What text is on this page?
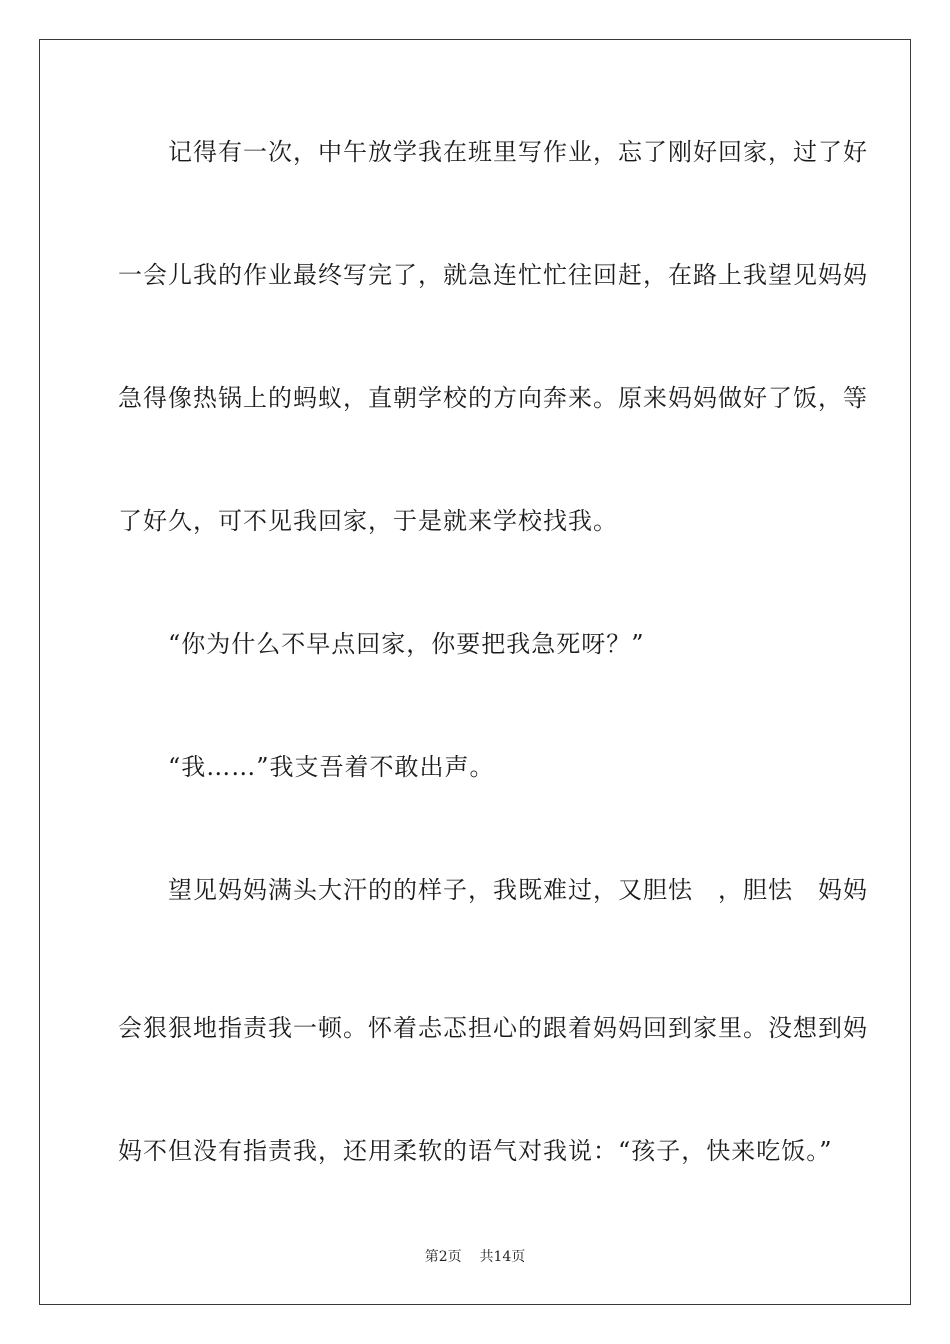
　　记得有一次，中午放学我在班里写作业，忘了刚好回家，过了好
一会儿我的作业最终写完了，就急连忙忙往回赶，在路上我望见妈妈
急得像热锅上的蚂蚁，直朝学校的方向奔来。原来妈妈做好了饭，等
了好久，可不见我回家，于是就来学校找我。
　　“你为什么不早点回家，你要把我急死呀？”
　　“我……”我支吾着不敢出声。
　　望见妈妈满头大汗的的样子，我既难过，又胆怯　，胆怯　妈妈
会狠狠地指责我一顿。怀着忐忑担心的跟着妈妈回到家里。没想到妈
妈不但没有指责我，还用柔软的语气对我说：“孩子，快来吃饭。”
第2页 共14页
